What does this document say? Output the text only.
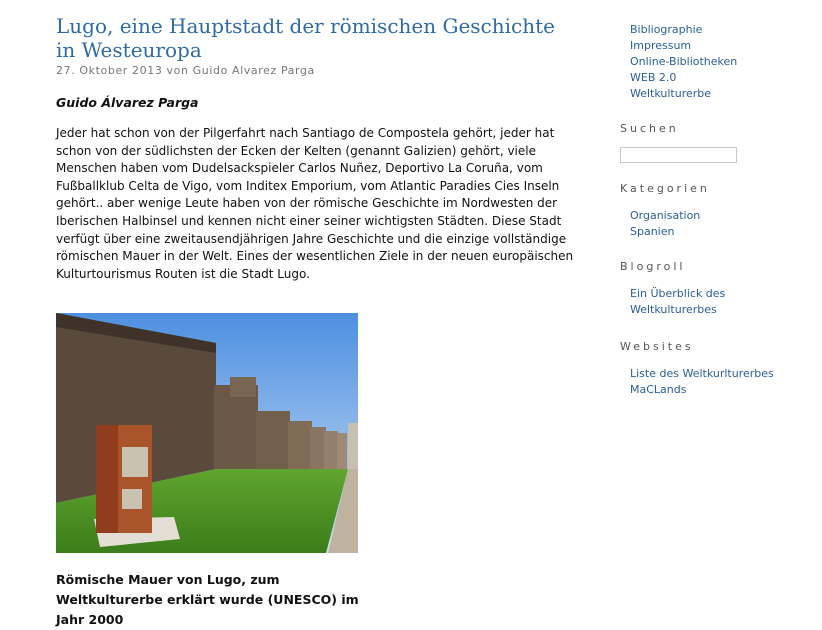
Lugo, eine Hauptstadt der römischen Geschichte in Westeuropa
27. Oktober 2013 von Guido Alvarez Parga
Guido Álvarez Parga

Jeder hat schon von der Pilgerfahrt nach Santiago de Compostela gehört, jeder hat schon von der südlichsten der Ecken der Kelten (genannt Galizien) gehört, viele Menschen haben vom Dudelsackspieler Carlos Nuñez, Deportivo La Coruña, vom Fußballklub Celta de Vigo, vom Inditex Emporium, vom Atlantic Paradies Cies Inseln gehört.. aber wenige Leute haben von der römische Geschichte im Nordwesten der Iberischen Halbinsel und kennen nicht einer seiner wichtigsten Städten. Diese Stadt verfügt über eine zweitausendjährigen Jahre Geschichte und die einzige vollständige römischen Mauer in der Welt. Eines der wesentlichen Ziele in der neuen europäischen Kulturtourismus Routen ist die Stadt Lugo.

Römische Mauer von Lugo, zum Weltkulturerbe erklärt wurde (UNESCO) im Jahr 2000
Bibliographie
Impressum
Online-Bibliotheken
WEB 2.0
Weltkulturerbe
Suchen
Kategorien
Organisation
Spanien
Blogroll
Ein Überblick des Weltkulturerbes
Websites
Liste des Weltkurlturerbes
MaCLands
